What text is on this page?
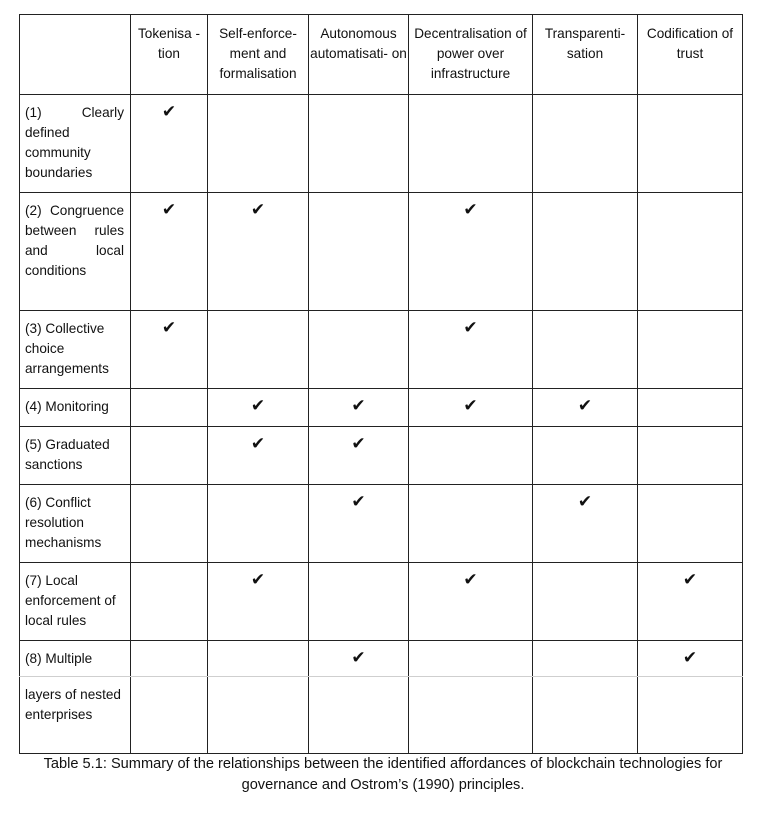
	Tokenisa -tion	Self-enforce- ment and formalisation	Autonomous automatisati- on	Decentralisation of power over infrastructure	Transparenti- sation	Codification of trust
(1) Clearly defined community boundaries	✔					
(2) Congruence between rules and local conditions	✔	✔		✔		
(3) Collective choice arrangements	✔			✔		
(4) Monitoring		✔	✔	✔	✔	
(5) Graduated sanctions		✔	✔			
(6) Conflict resolution mechanisms			✔		✔	
(7) Local enforcement of local rules		✔		✔		✔
(8) Multiple			✔			✔
layers of nested enterprises						
Table 5.1: Summary of the relationships between the identified affordances of blockchain technologies for governance and Ostrom’s (1990) principles.
